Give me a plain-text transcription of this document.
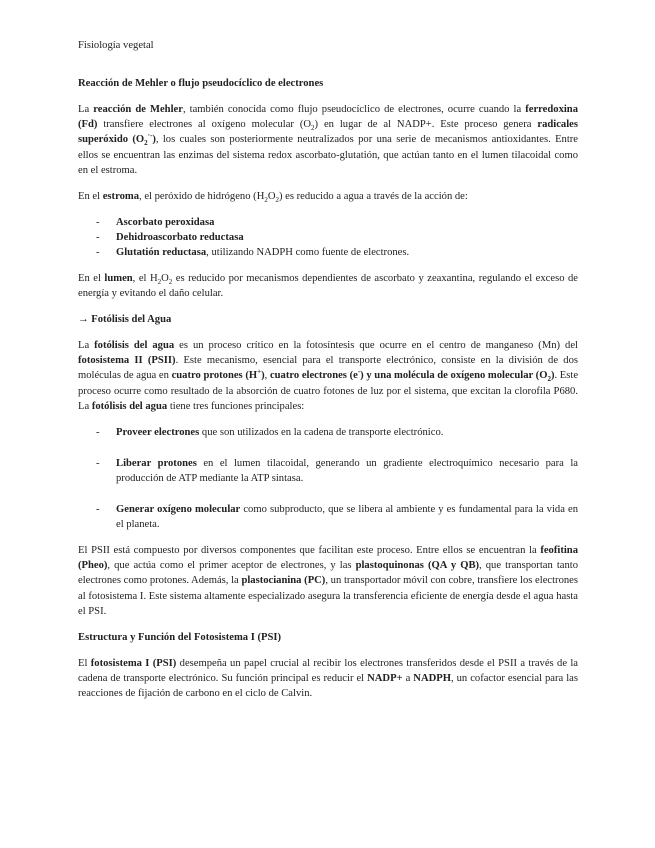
Fisiología vegetal

Reacción de Mehler o flujo pseudocíclico de electrones

La reacción de Mehler, también conocida como flujo pseudocíclico de electrones, ocurre cuando la ferredoxina (Fd) transfiere electrones al oxígeno molecular $(O_2)$ en lugar de al NADP+. Este proceso genera radicales superóxido $(O_2^{\cdot-})$, los cuales son posteriormente neutralizados por una serie de mecanismos antioxidantes. Entre ellos se encuentran las enzimas del sistema redox ascorbato-glutatión, que actúan tanto en el lumen tilacoidal como en el estroma.

En el estroma, el peróxido de hidrógeno $(H_2O_2)$ es reducido a agua a través de la acción de:

- Ascorbato peroxidasa
- Dehidroascorbato reductasa
- Glutatión reductasa, utilizando NADPH como fuente de electrones.

En el lumen, el $H_2O_2$ es reducido por mecanismos dependientes de ascorbato y zeaxantina, regulando el exceso de energía y evitando el daño celular.

→ Fotólisis del Agua

La fotólisis del agua es un proceso crítico en la fotosíntesis que ocurre en el centro de manganeso (Mn) del fotosistema II (PSII). Este mecanismo, esencial para el transporte electrónico, consiste en la división de dos moléculas de agua en cuatro protones (H+), cuatro electrones (e-) y una molécula de oxígeno molecular $(O_2)$. Este proceso ocurre como resultado de la absorción de cuatro fotones de luz por el sistema, que excitan la clorofila P680. La fotólisis del agua tiene tres funciones principales:

- Proveer electrones que son utilizados en la cadena de transporte electrónico.

- Liberar protones en el lumen tilacoidal, generando un gradiente electroquímico necesario para la producción de ATP mediante la ATP sintasa.

- Generar oxígeno molecular como subproducto, que se libera al ambiente y es fundamental para la vida en el planeta.

El PSII está compuesto por diversos componentes que facilitan este proceso. Entre ellos se encuentran la feofitina (Pheo), que actúa como el primer aceptor de electrones, y las plastoquinonas (QA y QB), que transportan tanto electrones como protones. Además, la plastocianina (PC), un transportador móvil con cobre, transfiere los electrones al fotosistema I. Este sistema altamente especializado asegura la transferencia eficiente de energía desde el agua hasta el PSI.

Estructura y Función del Fotosistema I (PSI)

El fotosistema I (PSI) desempeña un papel crucial al recibir los electrones transferidos desde el PSII a través de la cadena de transporte electrónico. Su función principal es reducir el NADP+ a NADPH, un cofactor esencial para las reacciones de fijación de carbono en el ciclo de Calvin.
